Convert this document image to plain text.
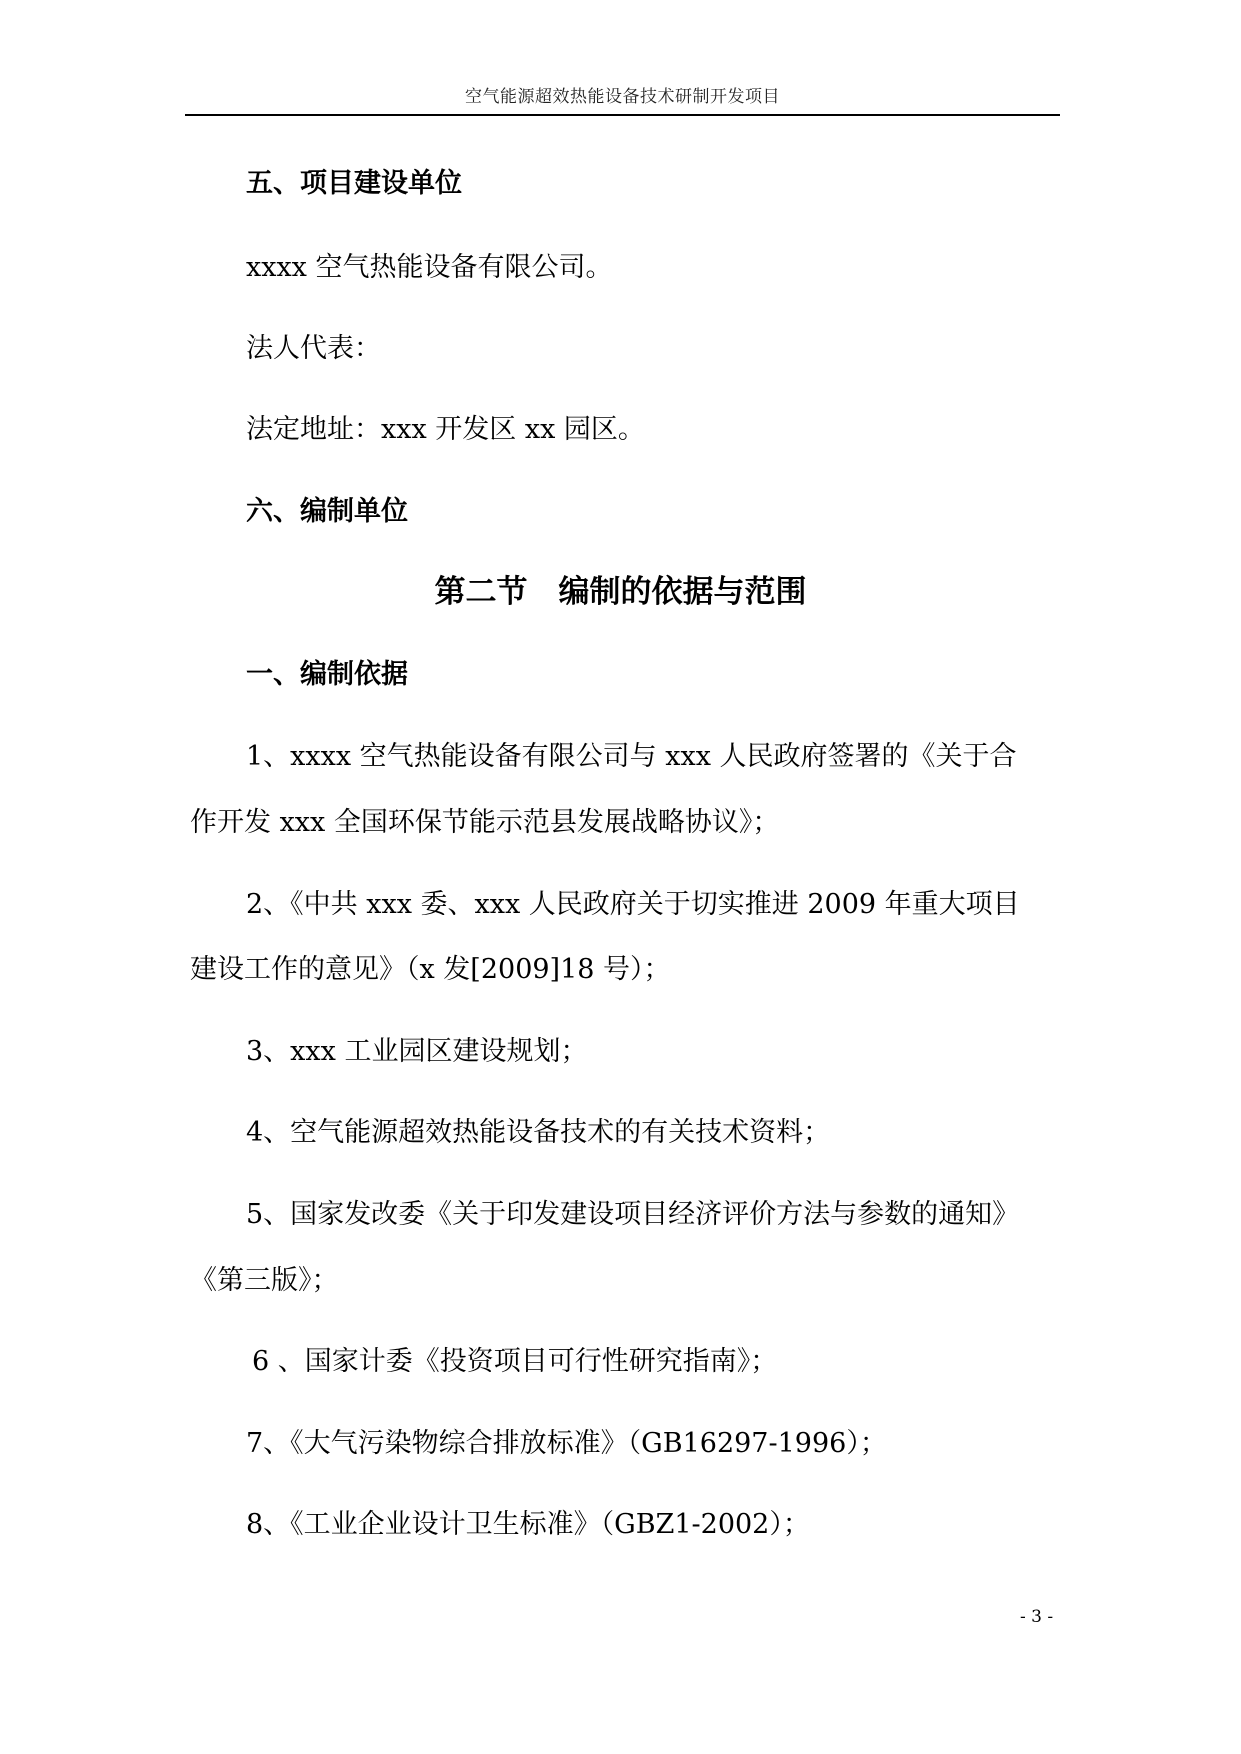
空气能源超效热能设备技术研制开发项目
五、项目建设单位
xxxx 空气热能设备有限公司。
法人代表：
法定地址：xxx 开发区 xx 园区。
六、编制单位
第二节　编制的依据与范围
一、编制依据
1、xxxx 空气热能设备有限公司与 xxx 人民政府签署的《关于合
作开发 xxx 全国环保节能示范县发展战略协议》；
2、《中共 xxx 委、xxx 人民政府关于切实推进 2009 年重大项目
建设工作的意见》（x 发[2009]18 号）；
3、xxx 工业园区建设规划；
4、空气能源超效热能设备技术的有关技术资料；
5、国家发改委《关于印发建设项目经济评价方法与参数的通知》
《第三版》；
6 、国家计委《投资项目可行性研究指南》；
7、《大气污染物综合排放标准》（GB16297-1996）；
8、《工业企业设计卫生标准》（GBZ1-2002）；
- 3 -
